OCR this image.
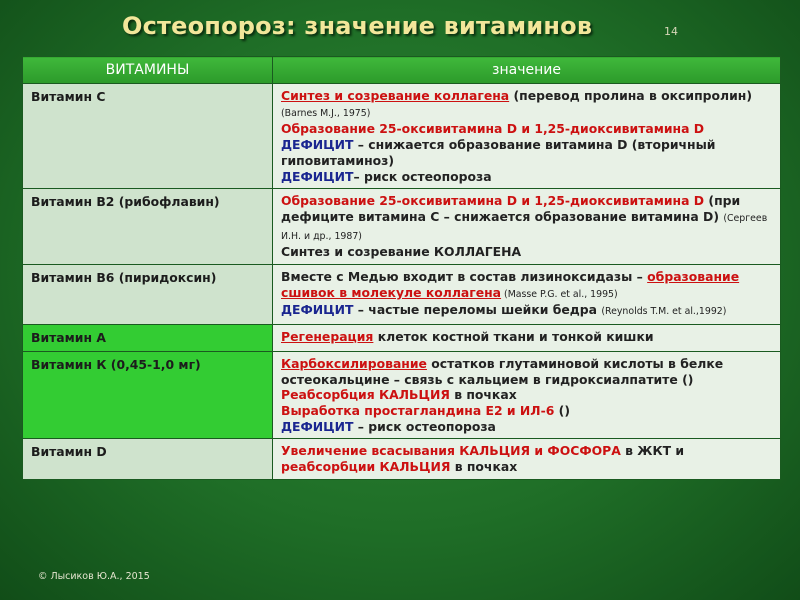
Остеопороз: значение витаминов	14
ВИТАМИНЫ	значение
Витамин С	Синтез и созревание коллагена (перевод пролина в оксипролин) (Barnes M.J., 1975)
Образование 25-оксивитамина D и 1,25-диоксивитамина D
ДЕФИЦИТ – снижается образование витамина D (вторичный гиповитаминоз)
ДЕФИЦИТ– риск остеопороза

Витамин В2 (рибофлавин)	Образование 25-оксивитамина D и 1,25-диоксивитамина D (при дефиците витамина С – снижается образование витамина D) (Сергеев И.Н. и др., 1987)
Синтез и созревание КОЛЛАГЕНА

Витамин В6 (пиридоксин)	Вместе с Медью входит в состав лизиноксидазы – образование сшивок в молекуле коллагена (Masse P.G. et al., 1995)
ДЕФИЦИТ – частые переломы шейки бедра (Reynolds T.M. et al.,1992)

Витамин А	Регенерация клеток костной ткани и тонкой кишки

Витамин К (0,45-1,0 мг)	Карбоксилирование остатков глутаминовой кислоты в белке остеокальцине – связь с кальцием в гидроксиалпатите ()
Реабсорбция КАЛЬЦИЯ в почках
Выработка простагландина Е2 и ИЛ-6 ()
ДЕФИЦИТ – риск остеопороза

Витамин D	Увеличение всасывания КАЛЬЦИЯ и ФОСФОРА в ЖКТ и реабсорбции КАЛЬЦИЯ в почках
© Лысиков Ю.А., 2015
